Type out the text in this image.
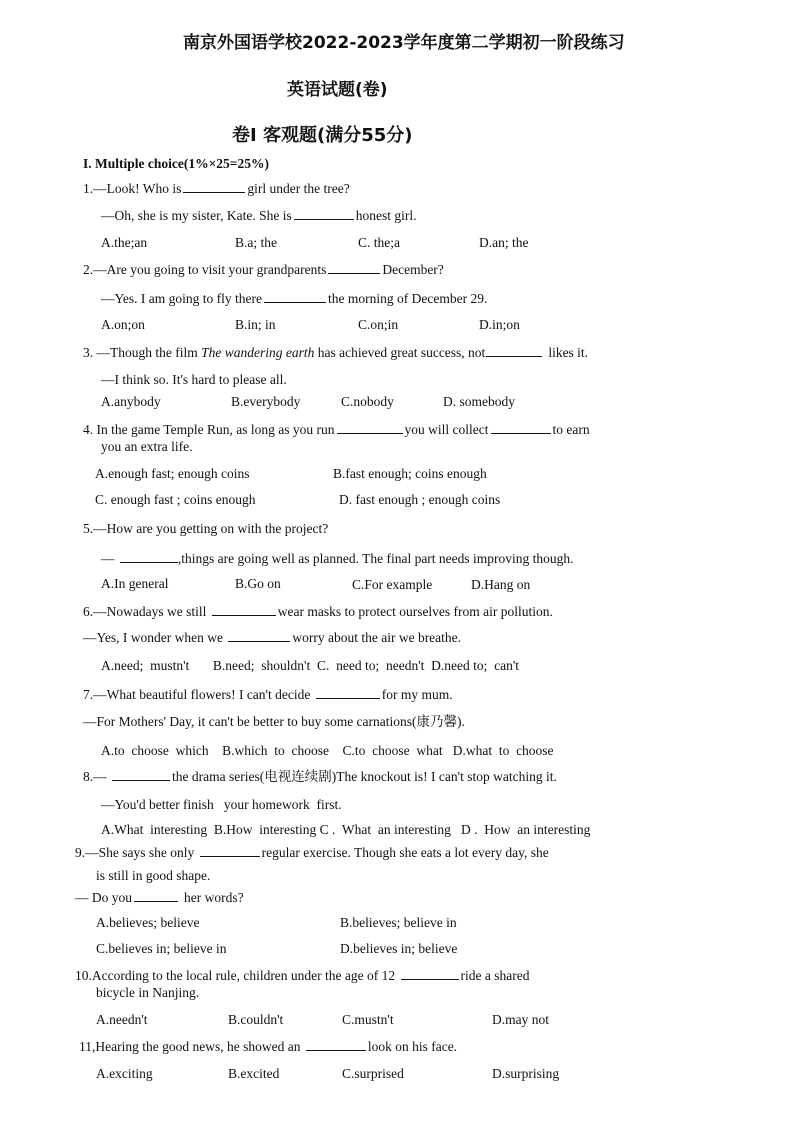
南京外国语学校2022-2023学年度第二学期初一阶段练习
英语试题(卷)
卷Ⅰ 客观题(满分55分)
I. Multiple choice(1%×25=25%)
1.—Look! Who is	girl under the tree?
—Oh, she is my sister, Kate. She is	honest girl.
A.the;an	B.a; the	C. the;a	D.an; the
2.—Are you going to visit your grandparents	December?
—Yes. I am going to fly there	the morning of December 29.
A.on;on	B.in; in	C.on;in	D.in;on
3. —Though the film The wandering earth has achieved great success, not	likes it.
—I think so. It's hard to please all.
A.anybody	B.everybody	C.nobody	D. somebody
4. In the game Temple Run, as long as you run	you will collect	to earn
you an extra life.
A.enough fast; enough coins	B.fast enough; coins enough
C. enough fast ; coins enough	D. fast enough ; enough coins
5.—How are you getting on with the project?
—	,things are going well as planned. The final part needs improving though.
A.In general	B.Go on	C.For example	D.Hang on
6.—Nowadays we still	wear masks to protect ourselves from air pollution.
—Yes, I wonder when we	worry about the air we breathe.
A.need;  mustn't       B.need;  shouldn't  C.  need to;  needn't  D.need to;  can't
7.—What beautiful flowers! I can't decide	for my mum.
—For Mothers' Day, it can't be better to buy some carnations(康乃馨).
A.to  choose  which    B.which  to  choose    C.to  choose  what   D.what  to  choose
8.—	the drama series(电视连续剧)The knockout is! I can't stop watching it.
—You'd better finish   your homework  first.
A.What  interesting  B.How  interesting C .  What  an interesting   D .  How  an interesting
9.—She says she only	regular exercise. Though she eats a lot every day, she
is still in good shape.
— Do you	her words?
A.believes; believe	B.believes; believe in
C.believes in; believe in	D.believes in; believe
10.According to the local rule, children under the age of 12	ride a shared
bicycle in Nanjing.
A.needn't	B.couldn't	C.mustn't	D.may not
11,Hearing the good news, he showed an	look on his face.
A.exciting	B.excited	C.surprised	D.surprising
